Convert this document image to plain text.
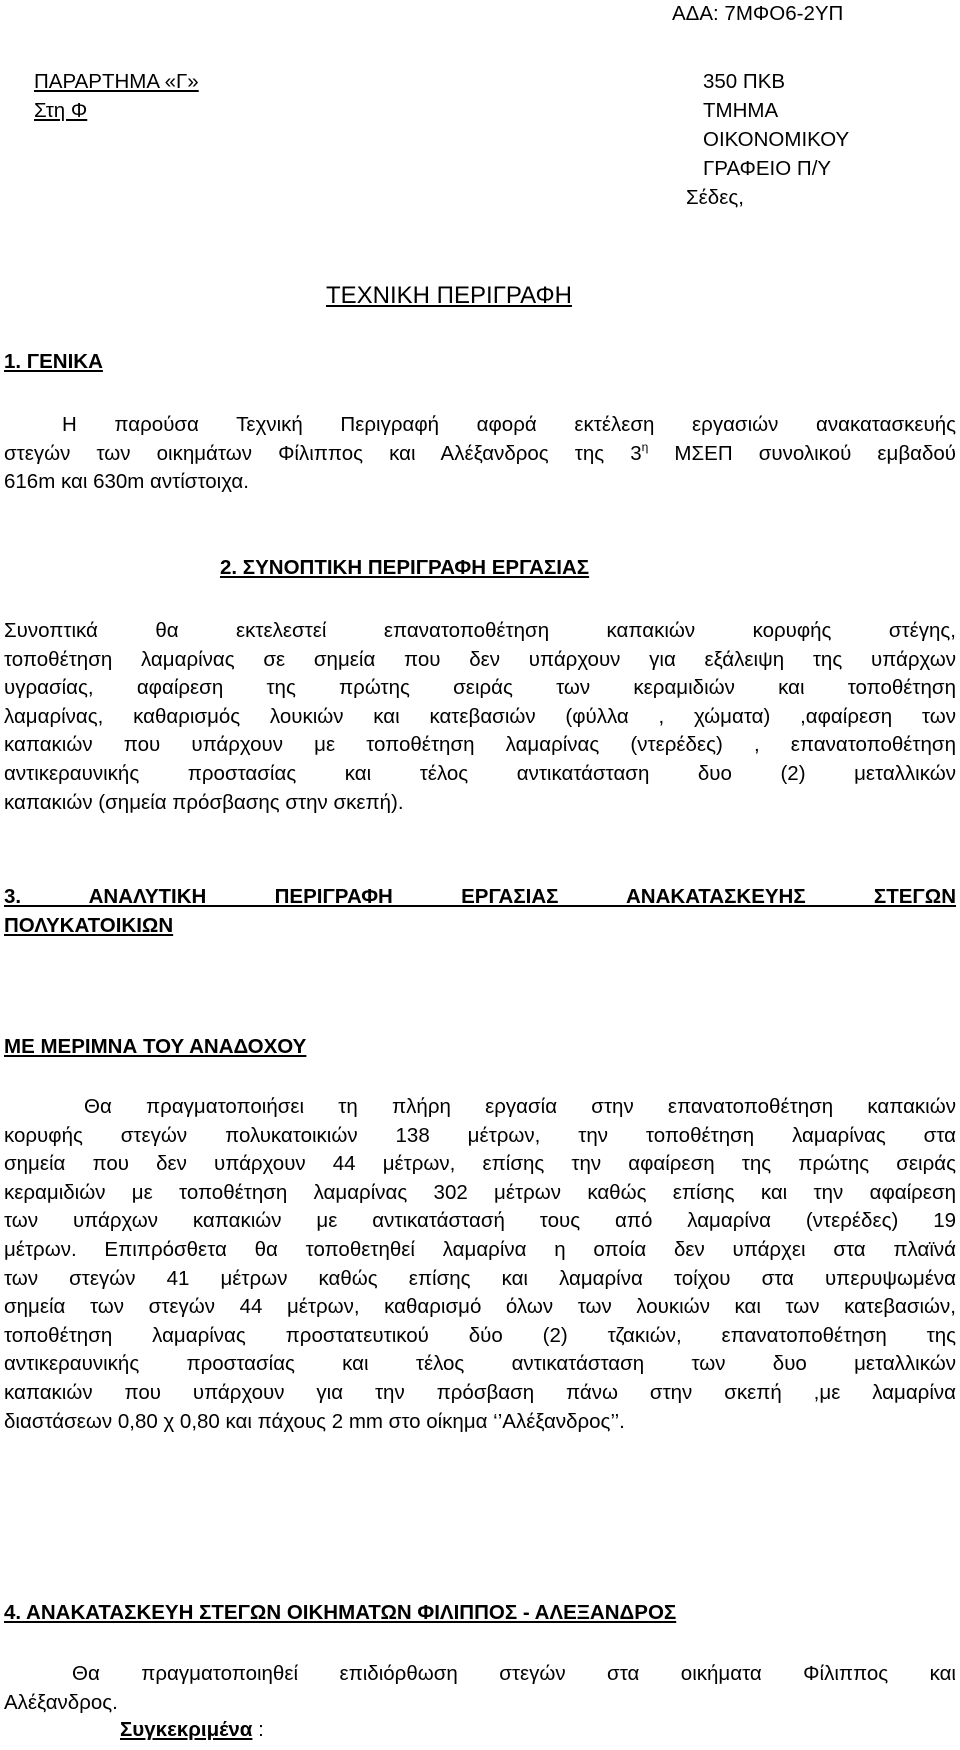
ΑΔΑ: 7ΜΦΟ6-2ΥΠ
ΠΑΡΑΡΤΗΜΑ «Γ»
Στη Φ
350 ΠΚΒ
ΤΜΗΜΑ
ΟΙΚΟΝΟΜΙΚΟΥ
ΓΡΑΦΕΙΟ Π/Υ
Σέδες,
ΤΕΧΝΙΚΗ ΠΕΡΙΓΡΑΦΗ
1. ΓΕΝΙΚΑ
Η παρούσα Τεχνική Περιγραφή αφορά εκτέλεση εργασιών ανακατασκευής
στεγών των οικημάτων Φίλιππος και Αλέξανδρος της $3^\eta$ ΜΣΕΠ συνολικού εμβαδού
616m και 630m αντίστοιχα.
2. ΣΥΝΟΠΤΙΚΗ ΠΕΡΙΓΡΑΦΗ ΕΡΓΑΣΙΑΣ
Συνοπτικά θα εκτελεστεί επανατοποθέτηση καπακιών κορυφής στέγης,
τοποθέτηση λαμαρίνας σε σημεία που δεν υπάρχουν για εξάλειψη της υπάρχων
υγρασίας, αφαίρεση της πρώτης σειράς των κεραμιδιών και τοποθέτηση
λαμαρίνας, καθαρισμός λουκιών και κατεβασιών (φύλλα , χώματα) ,αφαίρεση των
καπακιών που υπάρχουν με τοποθέτηση λαμαρίνας (ντερέδες) , επανατοποθέτηση
αντικεραυνικής προστασίας και τέλος αντικατάσταση δυο (2) μεταλλικών
καπακιών (σημεία πρόσβασης στην σκεπή).
3. ΑΝΑΛΥΤΙΚΗ ΠΕΡΙΓΡΑΦΗ ΕΡΓΑΣΙΑΣ ΑΝΑΚΑΤΑΣΚΕΥΗΣ ΣΤΕΓΩΝ
ΠΟΛΥΚΑΤΟΙΚΙΩΝ
ΜΕ ΜΕΡΙΜΝΑ ΤΟΥ ΑΝΑΔΟΧΟΥ
Θα πραγματοποιήσει τη πλήρη εργασία στην επανατοποθέτηση καπακιών
κορυφής στεγών πολυκατοικιών 138 μέτρων, την τοποθέτηση λαμαρίνας στα
σημεία που δεν υπάρχουν 44 μέτρων, επίσης την αφαίρεση της πρώτης σειράς
κεραμιδιών με τοποθέτηση λαμαρίνας 302 μέτρων καθώς επίσης και την αφαίρεση
των υπάρχων καπακιών με αντικατάστασή τους από λαμαρίνα (ντερέδες) 19
μέτρων. Επιπρόσθετα θα τοποθετηθεί λαμαρίνα η οποία δεν υπάρχει στα πλαϊνά
των στεγών 41 μέτρων καθώς επίσης και λαμαρίνα τοίχου στα υπερυψωμένα
σημεία των στεγών 44 μέτρων, καθαρισμό όλων των λουκιών και των κατεβασιών,
τοποθέτηση λαμαρίνας προστατευτικού δύο (2) τζακιών, επανατοποθέτηση της
αντικεραυνικής προστασίας και τέλος αντικατάσταση των δυο μεταλλικών
καπακιών που υπάρχουν για την πρόσβαση πάνω στην σκεπή ,με λαμαρίνα
διαστάσεων 0,80 χ 0,80 και πάχους 2 mm στο οίκημα ‘’Αλέξανδρος’’.
4. ΑΝΑΚΑΤΑΣΚΕΥΗ ΣΤΕΓΩΝ ΟΙΚΗΜΑΤΩΝ ΦΙΛΙΠΠΟΣ - ΑΛΕΞΑΝΔΡΟΣ
Θα πραγματοποιηθεί επιδιόρθωση στεγών στα οικήματα Φίλιππος και
Αλέξανδρος.
Συγκεκριμένα :
